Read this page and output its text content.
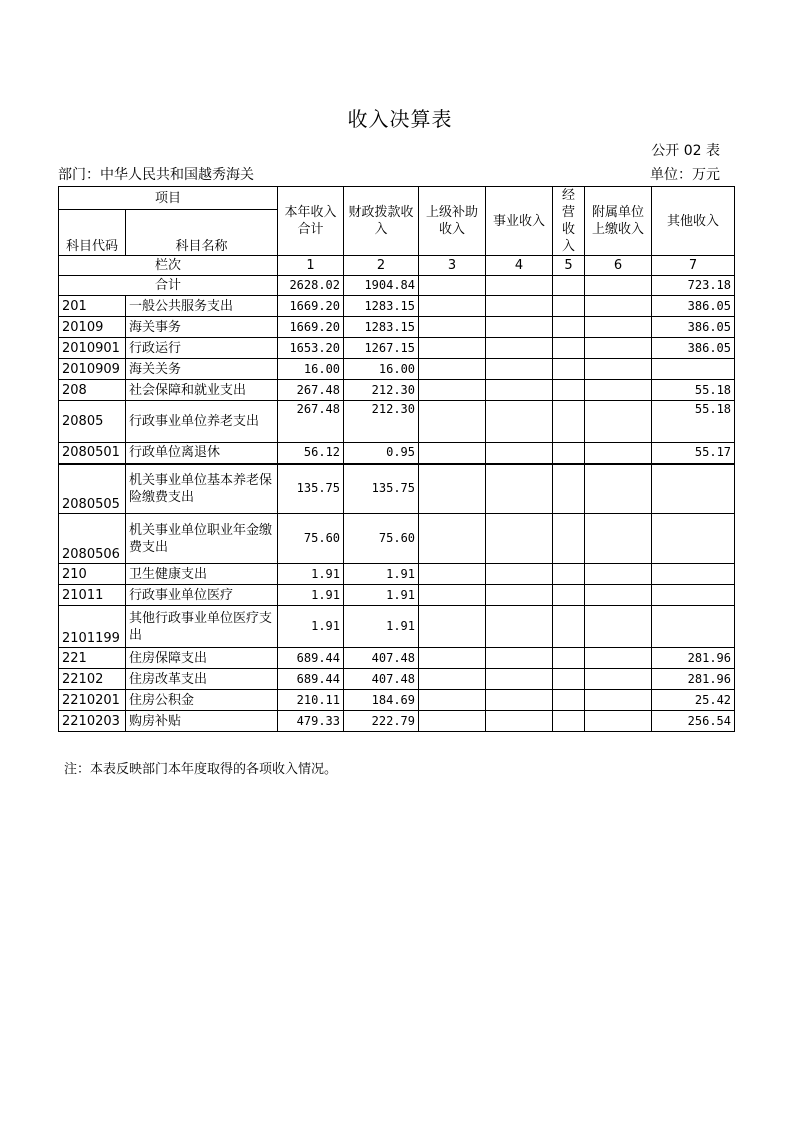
收入决算表
公开 02 表
部门：中华人民共和国越秀海关	单位：万元
项目		本年收入合计	财政拨款收入	上级补助收入	事业收入	经营收入	附属单位上缴收入	其他收入
科目代码	科目名称							
栏次		1	2	3	4	5	6	7
合计		2628.02	1904.84					723.18
201	一般公共服务支出	1669.20	1283.15					386.05
20109	海关事务	1669.20	1283.15					386.05
2010901	行政运行	1653.20	1267.15					386.05
2010909	海关关务	16.00	16.00					
208	社会保障和就业支出	267.48	212.30					55.18
20805	行政事业单位养老支出	267.48	212.30					55.18
2080501	行政单位离退休	56.12	0.95					55.17
2080505	机关事业单位基本养老保险缴费支出	135.75	135.75					
2080506	机关事业单位职业年金缴费支出	75.60	75.60					
210	卫生健康支出	1.91	1.91					
21011	行政事业单位医疗	1.91	1.91					
2101199	其他行政事业单位医疗支出	1.91	1.91					
221	住房保障支出	689.44	407.48					281.96
22102	住房改革支出	689.44	407.48					281.96
2210201	住房公积金	210.11	184.69					25.42
2210203	购房补贴	479.33	222.79					256.54
注：本表反映部门本年度取得的各项收入情况。
